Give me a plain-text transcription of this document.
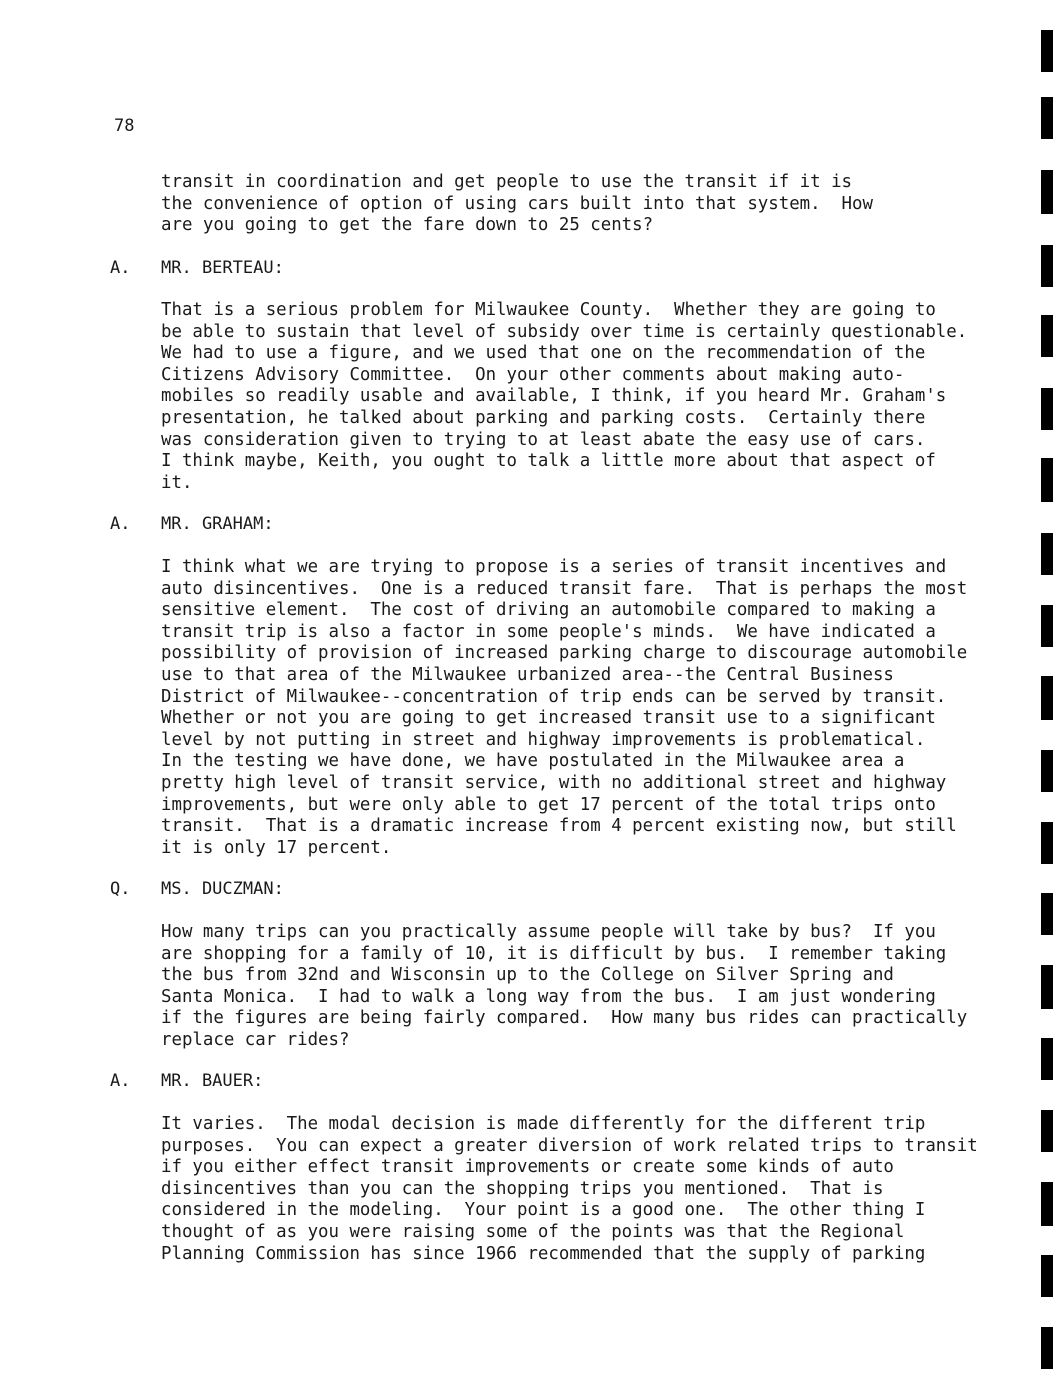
78

transit in coordination and get people to use the transit if it is
the convenience of option of using cars built into that system.  How
are you going to get the fare down to 25 cents?

A. MR. BERTEAU:

That is a serious problem for Milwaukee County.  Whether they are going to
be able to sustain that level of subsidy over time is certainly questionable.
We had to use a figure, and we used that one on the recommendation of the
Citizens Advisory Committee.  On your other comments about making auto-
mobiles so readily usable and available, I think, if you heard Mr. Graham's
presentation, he talked about parking and parking costs.  Certainly there
was consideration given to trying to at least abate the easy use of cars.
I think maybe, Keith, you ought to talk a little more about that aspect of
it.

A. MR. GRAHAM:

I think what we are trying to propose is a series of transit incentives and
auto disincentives.  One is a reduced transit fare.  That is perhaps the most
sensitive element.  The cost of driving an automobile compared to making a
transit trip is also a factor in some people's minds.  We have indicated a
possibility of provision of increased parking charge to discourage automobile
use to that area of the Milwaukee urbanized area--the Central Business
District of Milwaukee--concentration of trip ends can be served by transit.
Whether or not you are going to get increased transit use to a significant
level by not putting in street and highway improvements is problematical.
In the testing we have done, we have postulated in the Milwaukee area a
pretty high level of transit service, with no additional street and highway
improvements, but were only able to get 17 percent of the total trips onto
transit.  That is a dramatic increase from 4 percent existing now, but still
it is only 17 percent.

Q. MS. DUCZMAN:

How many trips can you practically assume people will take by bus?  If you
are shopping for a family of 10, it is difficult by bus.  I remember taking
the bus from 32nd and Wisconsin up to the College on Silver Spring and
Santa Monica.  I had to walk a long way from the bus.  I am just wondering
if the figures are being fairly compared.  How many bus rides can practically
replace car rides?

A. MR. BAUER:

It varies.  The modal decision is made differently for the different trip
purposes.  You can expect a greater diversion of work related trips to transit
if you either effect transit improvements or create some kinds of auto
disincentives than you can the shopping trips you mentioned.  That is
considered in the modeling.  Your point is a good one.  The other thing I
thought of as you were raising some of the points was that the Regional
Planning Commission has since 1966 recommended that the supply of parking
